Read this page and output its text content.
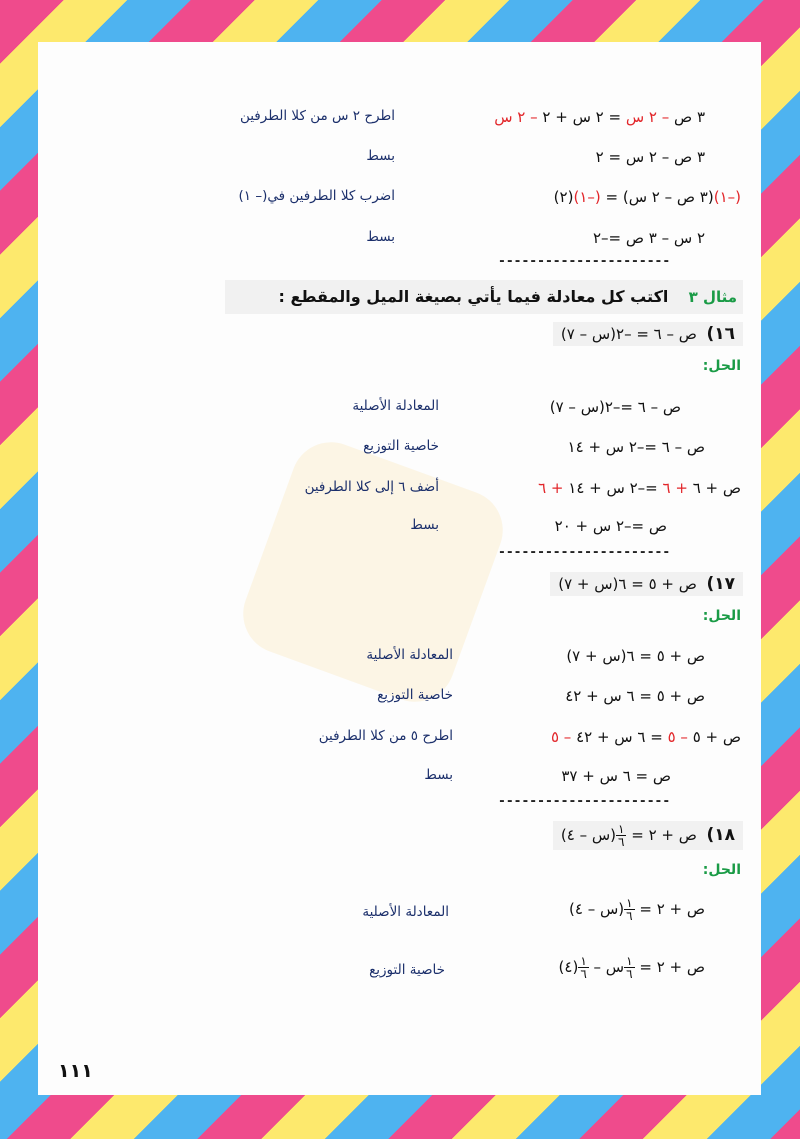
٣ ص – ٢ س = ٢ س + ٢ – ٢ س
اطرح ٢ س من كلا الطرفين
٣ ص – ٢ س = ٢
بسط
(–١)(٣ ص – ٢ س) = (–١)(٢)
اضرب كلا الطرفين في(– ١)
٢ س – ٣ ص =–٢
بسط
----------------------
مثال ٣  اكتب كل معادلة فيما يأتي بصيغة الميل والمقطع :
١٦)  ص – ٦ = –٢(س – ٧)
الحل:
ص – ٦ =–٢(س – ٧)
المعادلة الأصلية
ص – ٦ =–٢ س + ١٤
خاصية التوزيع
ص + ٦ + ٦ =–٢ س + ١٤ + ٦
أضف ٦ إلى كلا الطرفين
ص =–٢ س + ٢٠
بسط
----------------------
١٧)  ص + ٥ = ٦(س + ٧)
الحل:
ص + ٥ = ٦(س + ٧)
المعادلة الأصلية
ص + ٥ = ٦ س + ٤٢
خاصية التوزيع
ص + ٥ – ٥ = ٦ س + ٤٢ – ٥
اطرح ٥ من كلا الطرفين
ص = ٦ س + ٣٧
بسط
----------------------
١٨)  ص + ٢ =
$\frac{١}{٦}$
(س – ٤)
الحل:
ص + ٢ =
$\frac{١}{٦}$
(س – ٤)
المعادلة الأصلية
ص + ٢ =
$\frac{١}{٦}$
س –
$\frac{١}{٦}$
(٤)
خاصية التوزيع
١١١
